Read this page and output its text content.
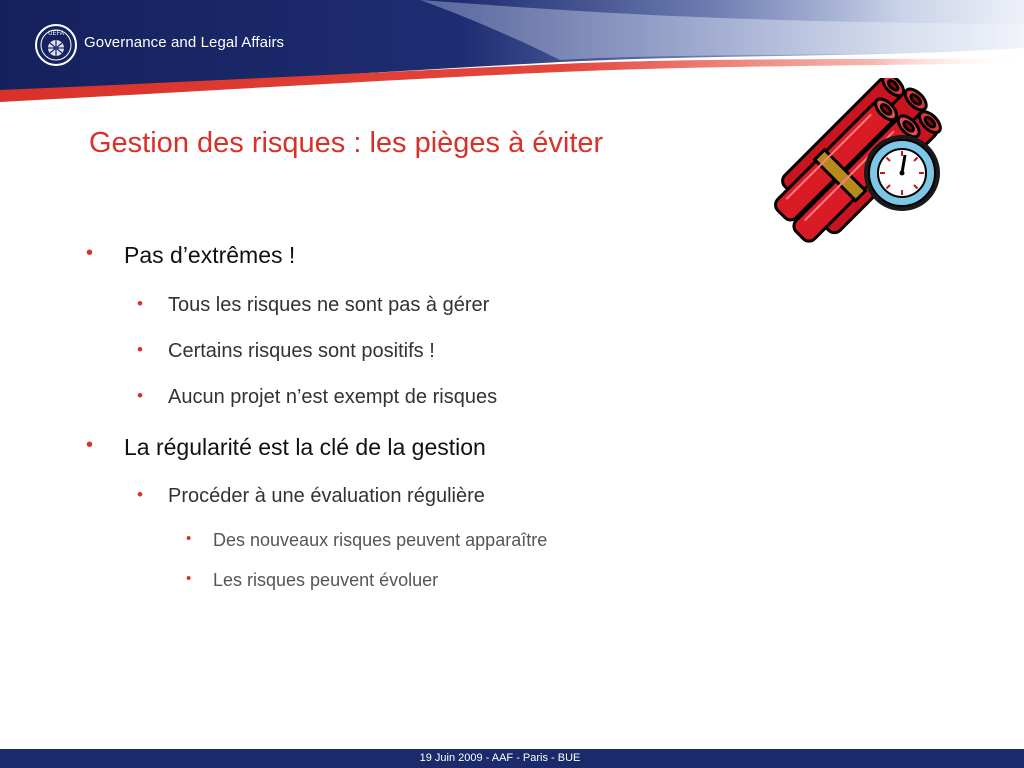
UEFA Governance and Legal Affairs
Gestion des risques : les pièges à éviter
• Pas d’extrêmes !
• Tous les risques ne sont pas à gérer
• Certains risques sont positifs !
• Aucun projet n’est exempt de risques
• La régularité est la clé de la gestion
• Procéder à une évaluation régulière
• Des nouveaux risques peuvent apparaître
• Les risques peuvent évoluer
19 Juin 2009 - AAF - Paris - BUE
